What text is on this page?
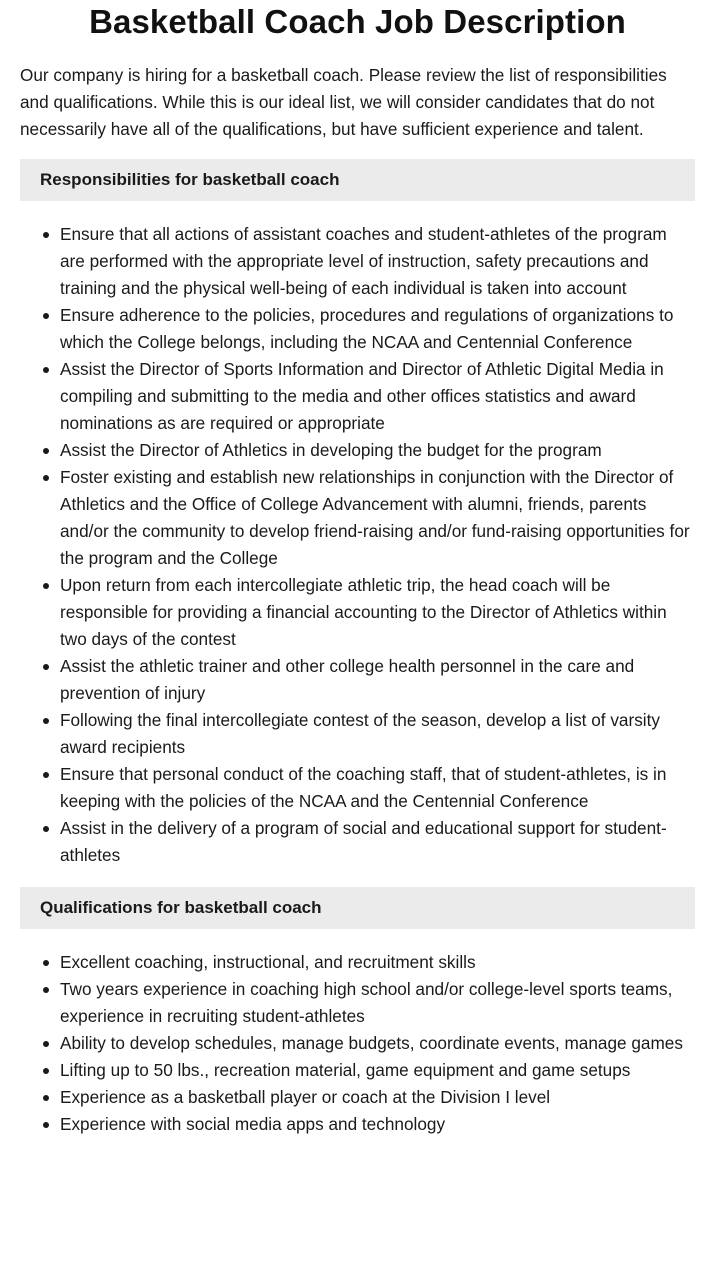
Basketball Coach Job Description

Our company is hiring for a basketball coach. Please review the list of responsibilities and qualifications. While this is our ideal list, we will consider candidates that do not necessarily have all of the qualifications, but have sufficient experience and talent.

Responsibilities for basketball coach
Ensure that all actions of assistant coaches and student-athletes of the program are performed with the appropriate level of instruction, safety precautions and training and the physical well-being of each individual is taken into account
Ensure adherence to the policies, procedures and regulations of organizations to which the College belongs, including the NCAA and Centennial Conference
Assist the Director of Sports Information and Director of Athletic Digital Media in compiling and submitting to the media and other offices statistics and award nominations as are required or appropriate
Assist the Director of Athletics in developing the budget for the program
Foster existing and establish new relationships in conjunction with the Director of Athletics and the Office of College Advancement with alumni, friends, parents and/or the community to develop friend-raising and/or fund-raising opportunities for the program and the College
Upon return from each intercollegiate athletic trip, the head coach will be responsible for providing a financial accounting to the Director of Athletics within two days of the contest
Assist the athletic trainer and other college health personnel in the care and prevention of injury
Following the final intercollegiate contest of the season, develop a list of varsity award recipients
Ensure that personal conduct of the coaching staff, that of student-athletes, is in keeping with the policies of the NCAA and the Centennial Conference
Assist in the delivery of a program of social and educational support for student-athletes
Qualifications for basketball coach
Excellent coaching, instructional, and recruitment skills
Two years experience in coaching high school and/or college-level sports teams, experience in recruiting student-athletes
Ability to develop schedules, manage budgets, coordinate events, manage games
Lifting up to 50 lbs., recreation material, game equipment and game setups
Experience as a basketball player or coach at the Division I level
Experience with social media apps and technology
